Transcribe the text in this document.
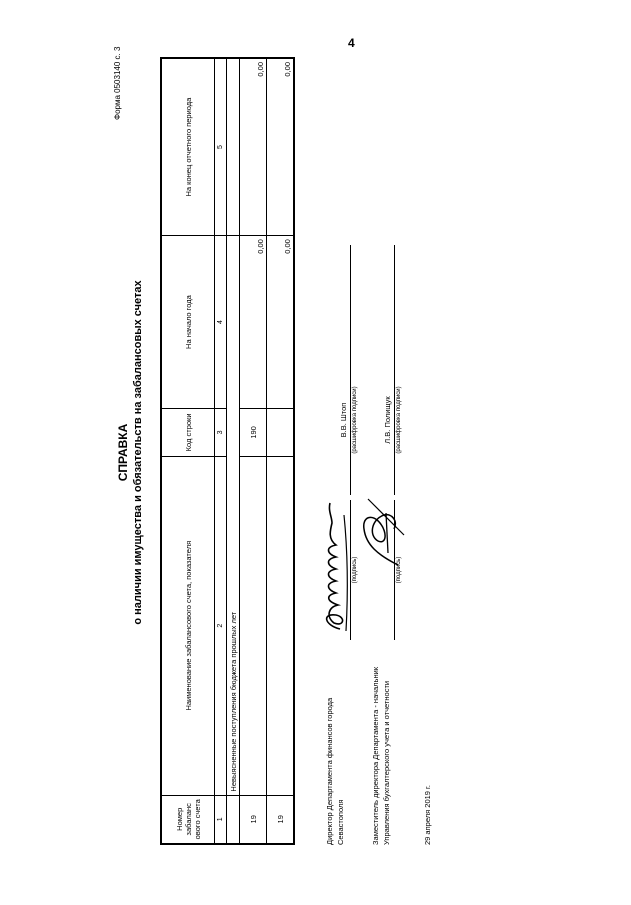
4
Форма 0503140 с. 3
СПРАВКА о наличии имущества и обязательств на забалансовых счетах
Номер забаланс ового счета	Наименование забалансового счета, показателя	Код строки	На начало года	На конец отчетного периода
1	2	3	4	5
	Невыясненные поступления бюджета прошлых лет			
19		190	0,00	0,00
19			0,00	0,00
Директор Департамента финансов города Севастополя
(подпись)
В.В. Штоп (расшифровка подписи)
Заместитель директора Департамента - начальник Управления бухгалтерского учета и отчетности
(подпись)
Л.В. Полищук (расшифровка подписи)
29 апреля 2019 г.
